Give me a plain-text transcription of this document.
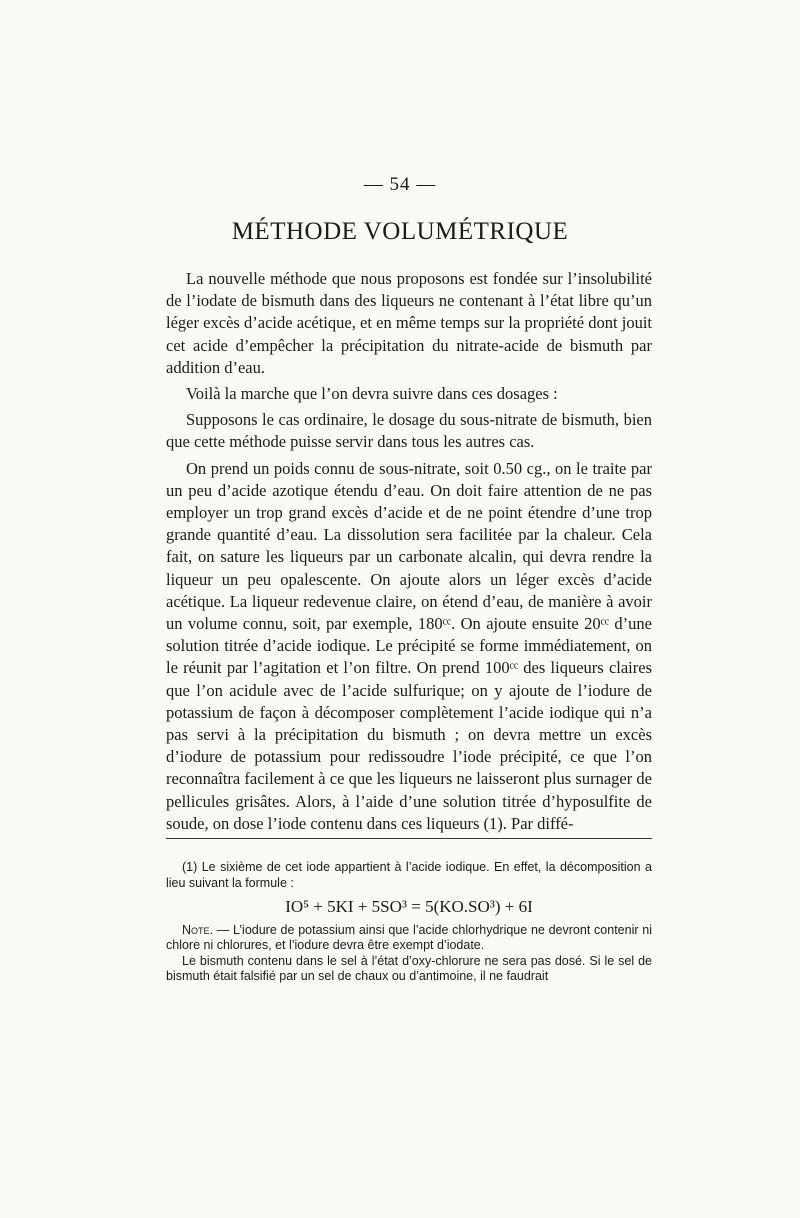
— 54 —
MÉTHODE VOLUMÉTRIQUE

La nouvelle méthode que nous proposons est fondée sur l’insolubilité de l’iodate de bismuth dans des liqueurs ne contenant à l’état libre qu’un léger excès d’acide acétique, et en même temps sur la propriété dont jouit cet acide d’empêcher la précipitation du nitrate-acide de bismuth par addition d’eau.

Voilà la marche que l’on devra suivre dans ces dosages :

Supposons le cas ordinaire, le dosage du sous-nitrate de bismuth, bien que cette méthode puisse servir dans tous les autres cas.

On prend un poids connu de sous-nitrate, soit 0.50 cg., on le traite par un peu d’acide azotique étendu d’eau. On doit faire attention de ne pas employer un trop grand excès d’acide et de ne point étendre d’une trop grande quantité d’eau. La dissolution sera facilitée par la chaleur. Cela fait, on sature les liqueurs par un carbonate alcalin, qui devra rendre la liqueur un peu opalescente. On ajoute alors un léger excès d’acide acétique. La liqueur redevenue claire, on étend d’eau, de manière à avoir un volume connu, soit, par exemple, 180ᶜᶜ. On ajoute ensuite 20ᶜᶜ d’une solution titrée d’acide iodique. Le précipité se forme immédiatement, on le réunit par l’agitation et l’on filtre. On prend 100ᶜᶜ des liqueurs claires que l’on acidule avec de l’acide sulfurique; on y ajoute de l’iodure de potassium de façon à décomposer complètement l’acide iodique qui n’a pas servi à la précipitation du bismuth ; on devra mettre un excès d’iodure de potassium pour redissoudre l’iode précipité, ce que l’on reconnaîtra facilement à ce que les liqueurs ne laisseront plus surnager de pellicules grisâtes. Alors, à l’aide d’une solution titrée d’hyposulfite de soude, on dose l’iode contenu dans ces liqueurs (1). Par diffé-

(1) Le sixième de cet iode appartient à l’acide iodique. En effet, la décomposition a lieu suivant la formule :

IO⁵ + 5KI + 5SO³ = 5(KO.SO³) + 6I

Note. — L’iodure de potassium ainsi que l’acide chlorhydrique ne devront contenir ni chlore ni chlorures, et l’iodure devra être exempt d’iodate.

Le bismuth contenu dans le sel à l’état d’oxy-chlorure ne sera pas dosé. Si le sel de bismuth était falsifié par un sel de chaux ou d’antimoine, il ne faudrait
